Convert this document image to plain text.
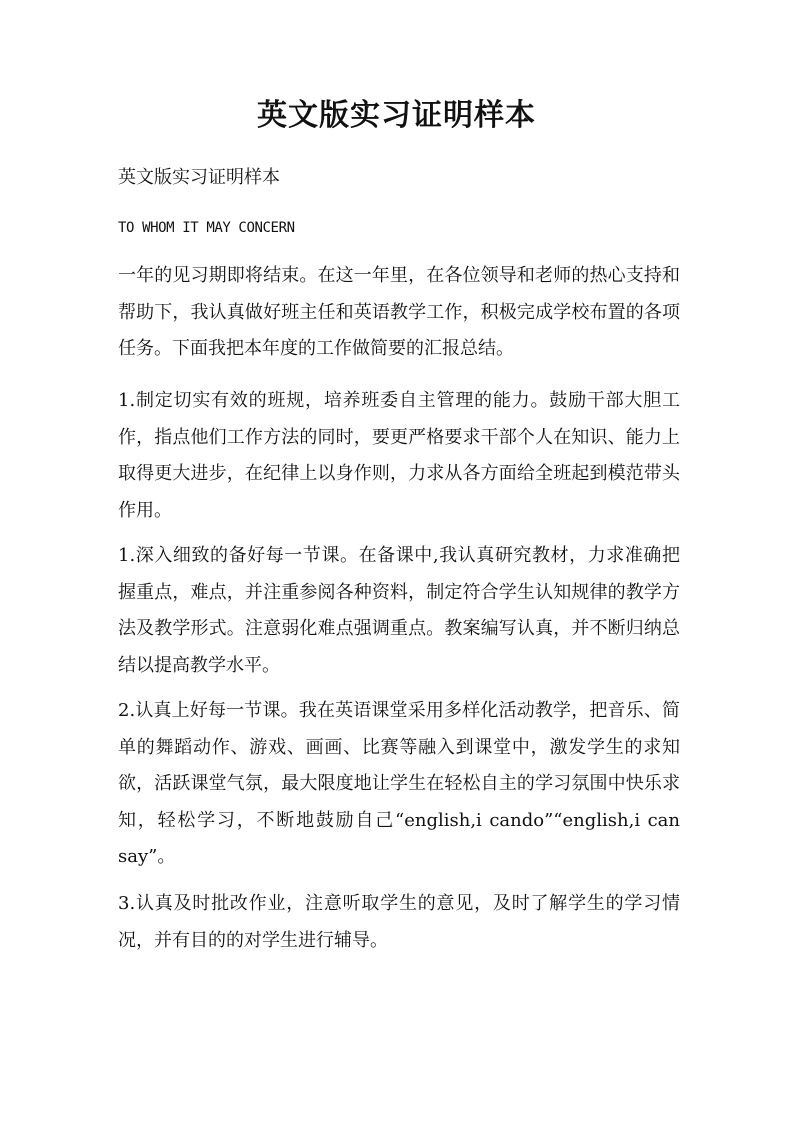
英文版实习证明样本

英文版实习证明样本

TO WHOM IT MAY CONCERN

一年的见习期即将结束。在这一年里，在各位领导和老师的热心支持和帮助下，我认真做好班主任和英语教学工作，积极完成学校布置的各项任务。下面我把本年度的工作做简要的汇报总结。

1.制定切实有效的班规，培养班委自主管理的能力。鼓励干部大胆工作，指点他们工作方法的同时，要更严格要求干部个人在知识、能力上取得更大进步，在纪律上以身作则，力求从各方面给全班起到模范带头作用。

1.深入细致的备好每一节课。在备课中,我认真研究教材，力求准确把握重点，难点，并注重参阅各种资料，制定符合学生认知规律的教学方法及教学形式。注意弱化难点强调重点。教案编写认真，并不断归纳总结以提高教学水平。

2.认真上好每一节课。我在英语课堂采用多样化活动教学，把音乐、简单的舞蹈动作、游戏、画画、比赛等融入到课堂中，激发学生的求知欲，活跃课堂气氛，最大限度地让学生在轻松自主的学习氛围中快乐求知，轻松学习，不断地鼓励自己“english,i cando”“english,i can say”。

3.认真及时批改作业，注意听取学生的意见，及时了解学生的学习情况，并有目的的对学生进行辅导。
